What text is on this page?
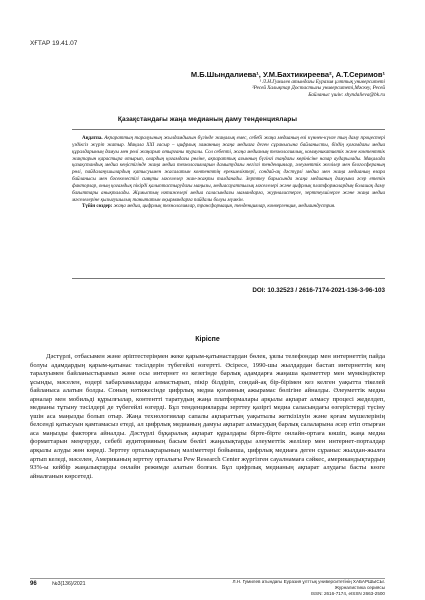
ХҒТАР 19.41.07
М.Б.Шындалиева¹, У.М.Бахтикиреева², А.Т.Серимов¹
¹ Л.Н.Гумилев атындағы Еуразия ұлттық университеті
²Ресей Халықтар Достастығы университеті,Мәскеу, Ресей
Байланыс үшін: shyndalieva@bk.ru
Қазақстандағы жаңа медианың даму тенденциялары

Аңдатпа. Ақпараттың таралуының жылдамдығын бүгінде жаңалық емес, себебі жаңа медианың өзі күннен-күнге тың даму процестері үздіксіз жүріп жатыр. Мақала XXI ғасыр – цифрлық заманның жаңа медиаға деген сұранысына байланысты, біздің қоғамдағы медиа құралдарының дамуы мен рөлі жаңарып отырғаны туралы. Сол себепті, жаңа медианың технологиялық, коммуникативтік және контенттік жақтарын қарастыра отырып, олардың қоғамдағы рөліне, ақпараттық ағынның бүгінгі таңдағы көрінісіне назар аударылады. Мақалада қазақстандық медиа кеңістігінде жаңа медиа технологияларын дамытудағы негізгі тенденциялар, әлеуметтік желілер мен блогосфераның рөлі, пайдаланушылардың қатысуымен жасалатын контенттің ерекшеліктері, сондай-ақ дәстүрлі медиа мен жаңа медианың өзара байланысы мен бәсекелестігі сияқты мәселелер жан-жақты талданады. Зерттеу барысында жаңа медианың дамуына әсер ететін факторлар, оның қоғамдық пікірді қалыптастырудағы маңызы, медиасауаттылық мәселелері және цифрлық платформалардың болашақ даму бағыттары анықталады. Жұмыстың нәтижелері медиа саласындағы мамандарға, журналистерге, зерттеушілерге және жаңа медиа мәселелеріне қызығушылық танытатын оқырмандарға пайдалы болуы мүмкін.

Түйін сөздер: жаңа медиа, цифрлық технологиялар, трансформация, тенденциялар, конвергенция, медиаиндустрия.

DOI: 10.32523 / 2616-7174-2021-136-3-96-103
Кіріспе

Дәстүрлі, отбасымен және әріптестеріңмен жеке қарым-қатынастардан бөлек, ұялы телефондар мен интернеттің пайда болуы адамдардың қарым-қатынас тәсілдерін түбегейлі өзгертті. Әсіресе, 1990-шы жылдардан бастап интернеттің кең таралуымен байланыстырамыз және осы интернет өз кезегінде барлық адамдарға жаңаша қызметтер мен мүмкіндіктер ұсынды, мәселен, өздері хабарламаларды алмастырып, пікір білдіріп, сондай-ақ бір-бірімен кез келген уақытта тікелей байланыса алатын болды. Соның нәтижесінде цифрлық медиа қоғамның ажырамас бөлігіне айналды. Әлеуметтік медиа арналар мен мобильді құрылғылар, контентті таратудың жаңа платформалары арқылы ақпарат алмасу процесі жеделдеп, медианы тұтыну тәсілдері де түбегейлі өзгерді. Бұл тенденцияларды зерттеу қазіргі медиа саласындағы өзгерістерді түсіну үшін аса маңызды болып отыр. Жаңа технологиялар сапалы ақпараттың уақытылы жеткізілуін және қоғам мүшелерінің белсенді қатысуын қамтамасыз етеді, ал цифрлық медианың дамуы ақпарат алмасудың барлық салаларына әсер етіп отырған аса маңызды факторға айналды. Дәстүрлі бұқаралық ақпарат құралдары бірте-бірте онлайн-ортаға көшіп, жаңа медиа форматтарын меңгеруде, себебі аудиторияның басым бөлігі жаңалықтарды әлеуметтік желілер мен интернет-порталдар арқылы алуды жөн көреді. Зерттеу орталықтарының мәліметтері бойынша, цифрлық медиаға деген сұраныс жылдан-жылға артып келеді, мәселен, Американың зерттеу орталығы Pew Research Center жүргізген сауалнамаға сәйкес, американдықтардың 93%-ы кейбір жаңалықтарды онлайн режимде алатын болған. Бұл цифрлық медианың ақпарат алудағы басты көзге айналғанын көрсетеді.

96	№3(136)/2021	Л.Н. Гумилев атындағы Еуразия ұлттық университетінің ХАБАРШЫСЫ.
Журналистика сериясы
ISSN: 2616-7174, eISSN 2663-2500
